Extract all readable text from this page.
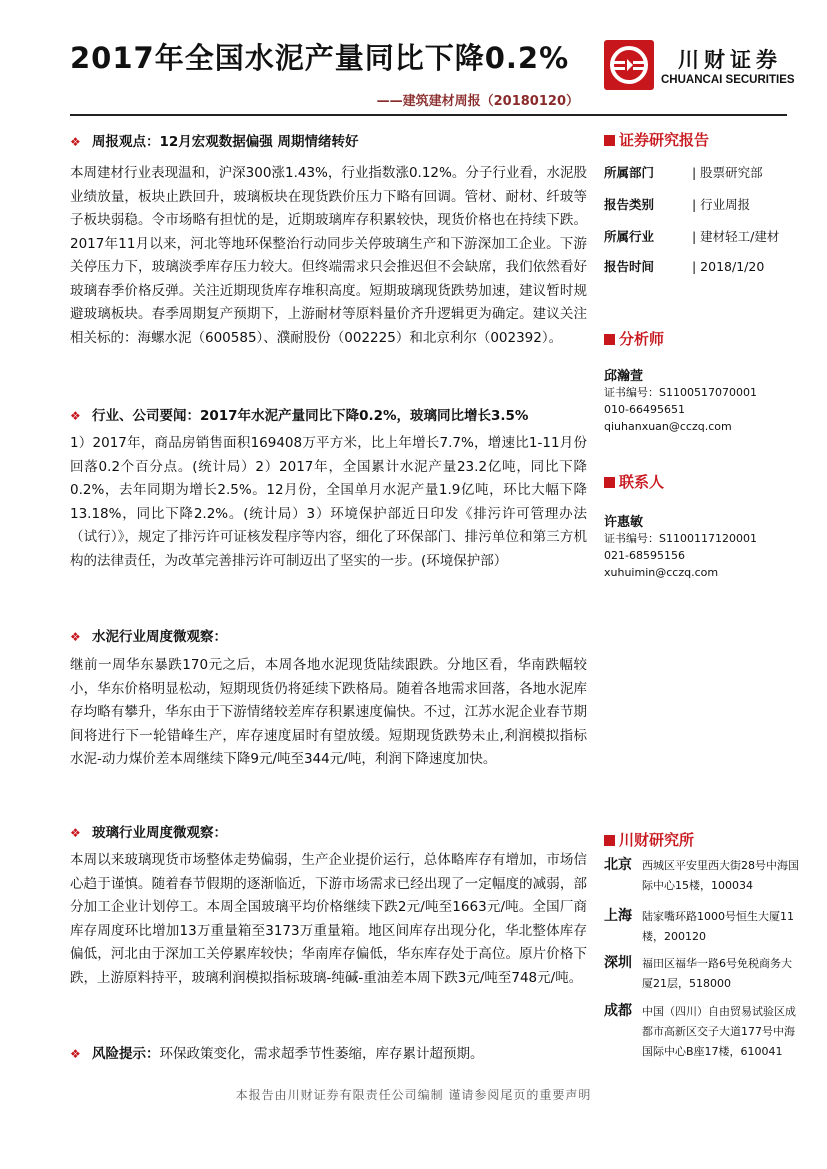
2017年全国水泥产量同比下降0.2%
——建筑建材周报（20180120）
川财证券
CHUANCAI SECURITIES
❖ 周报观点：12月宏观数据偏强 周期情绪转好
本周建材行业表现温和，沪深300涨1.43%，行业指数涨0.12%。分子行业看，水泥股业绩放量，板块止跌回升，玻璃板块在现货跌价压力下略有回调。管材、耐材、纤玻等子板块弱稳。令市场略有担忧的是，近期玻璃库存积累较快，现货价格也在持续下跌。2017年11月以来，河北等地环保整治行动同步关停玻璃生产和下游深加工企业。下游关停压力下，玻璃淡季库存压力较大。但终端需求只会推迟但不会缺席，我们依然看好玻璃春季价格反弹。关注近期现货库存堆积高度。短期玻璃现货跌势加速，建议暂时规避玻璃板块。春季周期复产预期下，上游耐材等原料量价齐升逻辑更为确定。建议关注相关标的：海螺水泥（600585）、濮耐股份（002225）和北京利尔（002392）。
❖ 行业、公司要闻：2017年水泥产量同比下降0.2%，玻璃同比增长3.5%
1）2017年，商品房销售面积169408万平方米，比上年增长7.7%，增速比1-11月份回落0.2个百分点。(统计局）2）2017年，全国累计水泥产量23.2亿吨，同比下降0.2%，去年同期为增长2.5%。12月份，全国单月水泥产量1.9亿吨，环比大幅下降13.18%，同比下降2.2%。(统计局）3）环境保护部近日印发《排污许可管理办法（试行）》，规定了排污许可证核发程序等内容，细化了环保部门、排污单位和第三方机构的法律责任，为改革完善排污许可制迈出了坚实的一步。(环境保护部）
❖ 水泥行业周度微观察：
继前一周华东暴跌170元之后，本周各地水泥现货陆续跟跌。分地区看，华南跌幅较小，华东价格明显松动，短期现货仍将延续下跌格局。随着各地需求回落，各地水泥库存均略有攀升，华东由于下游情绪较差库存积累速度偏快。不过，江苏水泥企业春节期间将进行下一轮错峰生产，库存速度届时有望放缓。短期现货跌势未止,利润模拟指标水泥-动力煤价差本周继续下降9元/吨至344元/吨，利润下降速度加快。
❖ 玻璃行业周度微观察：
本周以来玻璃现货市场整体走势偏弱，生产企业提价运行，总体略库存有增加，市场信心趋于谨慎。随着春节假期的逐渐临近，下游市场需求已经出现了一定幅度的减弱，部分加工企业计划停工。本周全国玻璃平均价格继续下跌2元/吨至1663元/吨。全国厂商库存周度环比增加13万重量箱至3173万重量箱。地区间库存出现分化，华北整体库存偏低，河北由于深加工关停累库较快；华南库存偏低，华东库存处于高位。原片价格下跌，上游原料持平，玻璃利润模拟指标玻璃-纯碱-重油差本周下跌3元/吨至748元/吨。
❖ 风险提示：环保政策变化，需求超季节性萎缩，库存累计超预期。
证券研究报告
所属部门	| 股票研究部
报告类别	| 行业周报
所属行业	| 建材轻工/建材
报告时间	| 2018/1/20
分析师
邱瀚萱
证书编号：S1100517070001
010-66495651
qiuhanxuan@cczq.com
联系人
许惠敏
证书编号：S1100117120001
021-68595156
xuhuimin@cczq.com
川财研究所
北京 西城区平安里西大街28号中海国际中心15楼，100034
上海 陆家嘴环路1000号恒生大厦11楼，200120
深圳 福田区福华一路6号免税商务大厦21层，518000
成都 中国（四川）自由贸易试验区成都市高新区交子大道177号中海国际中心B座17楼，610041
本报告由川财证券有限责任公司编制 谨请参阅尾页的重要声明
